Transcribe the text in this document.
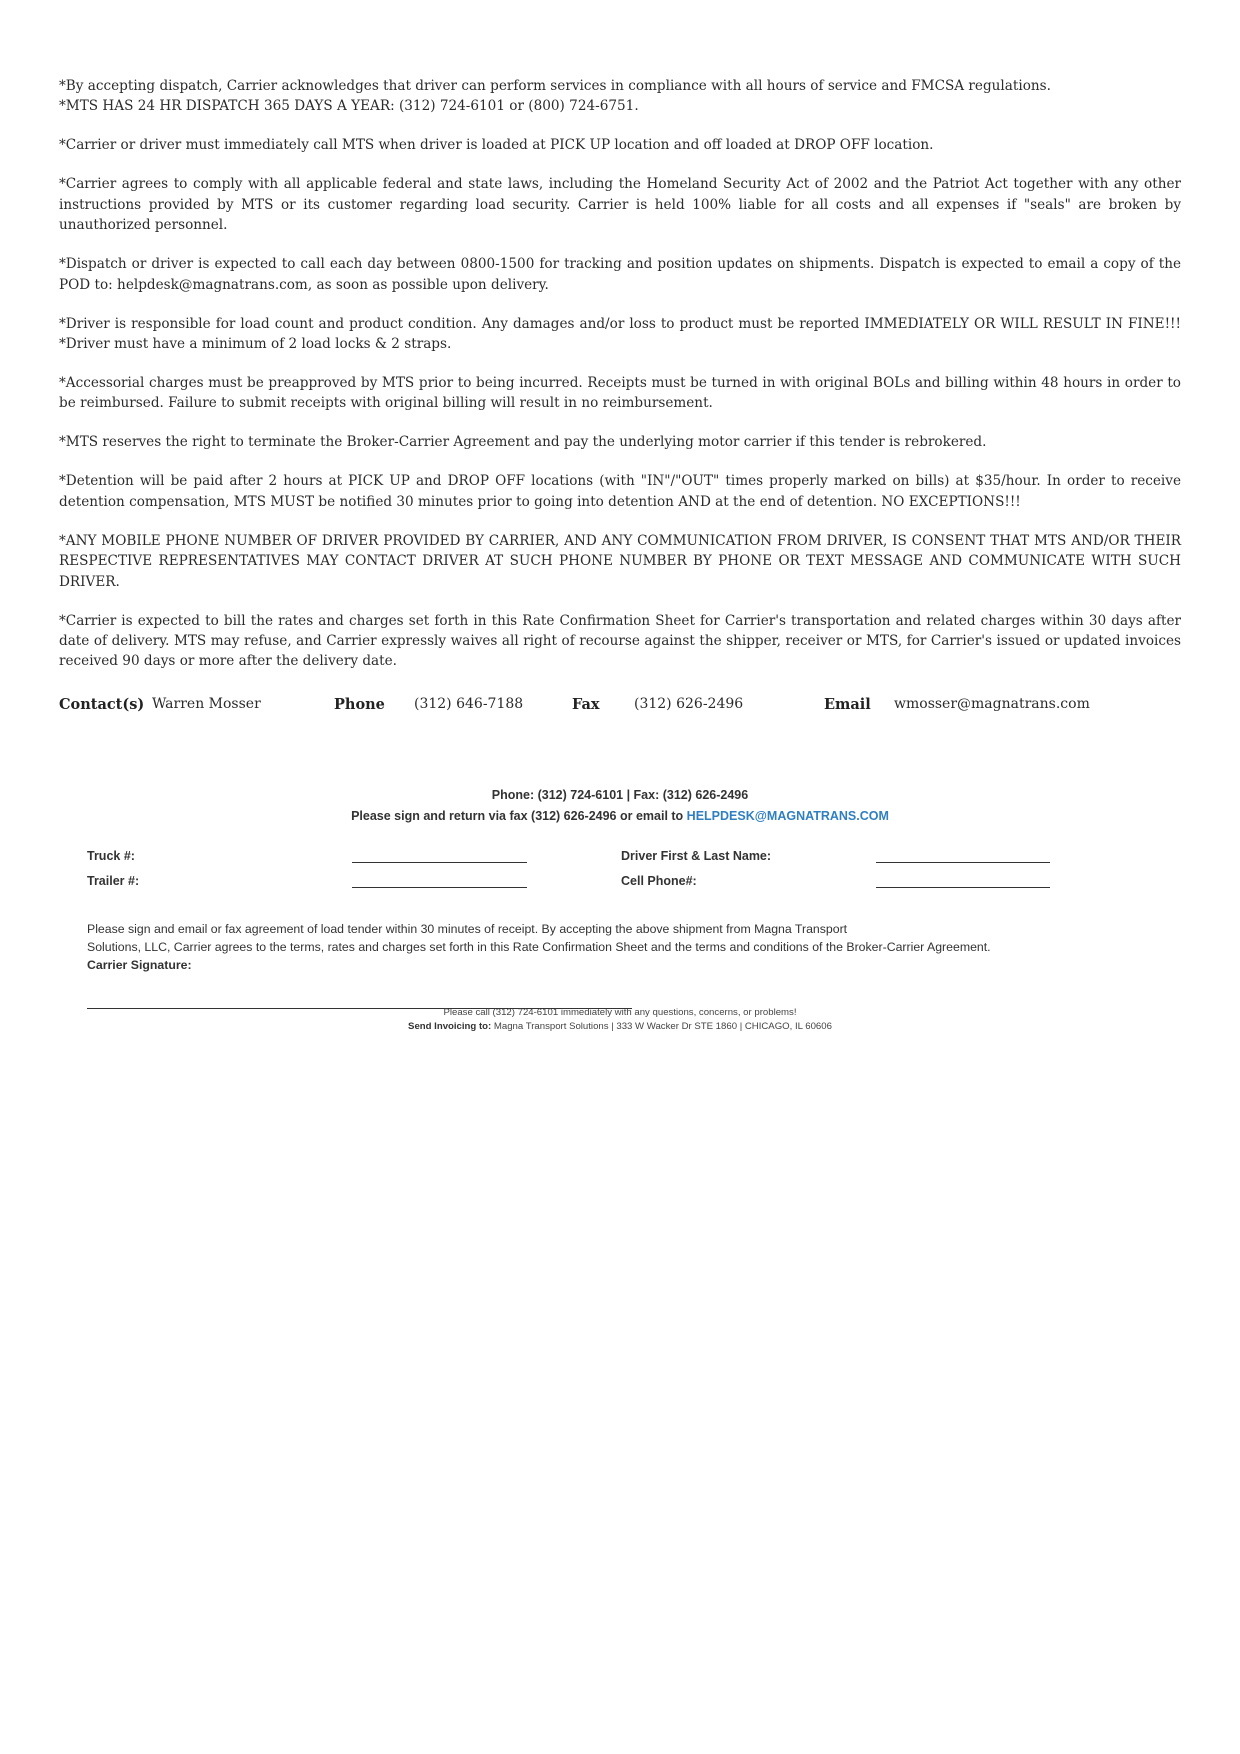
*By accepting dispatch, Carrier acknowledges that driver can perform services in compliance with all hours of service and FMCSA regulations.
*MTS HAS 24 HR DISPATCH 365 DAYS A YEAR: (312) 724-6101 or (800) 724-6751.

*Carrier or driver must immediately call MTS when driver is loaded at PICK UP location and off loaded at DROP OFF location.

*Carrier agrees to comply with all applicable federal and state laws, including the Homeland Security Act of 2002 and the Patriot Act together with any other instructions provided by MTS or its customer regarding load security. Carrier is held 100% liable for all costs and all expenses if "seals" are broken by unauthorized personnel.

*Dispatch or driver is expected to call each day between 0800-1500 for tracking and position updates on shipments. Dispatch is expected to email a copy of the POD to: helpdesk@magnatrans.com, as soon as possible upon delivery.

*Driver is responsible for load count and product condition. Any damages and/or loss to product must be reported IMMEDIATELY OR WILL RESULT IN FINE!!! *Driver must have a minimum of 2 load locks & 2 straps.

*Accessorial charges must be preapproved by MTS prior to being incurred. Receipts must be turned in with original BOLs and billing within 48 hours in order to be reimbursed. Failure to submit receipts with original billing will result in no reimbursement.

*MTS reserves the right to terminate the Broker-Carrier Agreement and pay the underlying motor carrier if this tender is rebrokered.

*Detention will be paid after 2 hours at PICK UP and DROP OFF locations (with "IN"/"OUT" times properly marked on bills) at $35/hour. In order to receive detention compensation, MTS MUST be notified 30 minutes prior to going into detention AND at the end of detention. NO EXCEPTIONS!!!

*ANY MOBILE PHONE NUMBER OF DRIVER PROVIDED BY CARRIER, AND ANY COMMUNICATION FROM DRIVER, IS CONSENT THAT MTS AND/OR THEIR RESPECTIVE REPRESENTATIVES MAY CONTACT DRIVER AT SUCH PHONE NUMBER BY PHONE OR TEXT MESSAGE AND COMMUNICATE WITH SUCH DRIVER.

*Carrier is expected to bill the rates and charges set forth in this Rate Confirmation Sheet for Carrier's transportation and related charges within 30 days after date of delivery. MTS may refuse, and Carrier expressly waives all right of recourse against the shipper, receiver or MTS, for Carrier's issued or updated invoices received 90 days or more after the delivery date.

Contact(s) Warren Mosser	Phone (312) 646-7188	Fax (312) 626-2496	Email wmosser@magnatrans.com
Phone: (312) 724-6101 | Fax: (312) 626-2496
Please sign and return via fax (312) 626-2496 or email to HELPDESK@MAGNATRANS.COM
Truck #:	Driver First & Last Name:
Trailer #:	Cell Phone#:
Please sign and email or fax agreement of load tender within 30 minutes of receipt. By accepting the above shipment from Magna Transport
Solutions, LLC, Carrier agrees to the terms, rates and charges set forth in this Rate Confirmation Sheet and the terms and conditions of the Broker-Carrier Agreement.
Carrier Signature:
Please call (312) 724-6101 immediately with any questions, concerns, or problems!
Send Invoicing to: Magna Transport Solutions | 333 W Wacker Dr STE 1860 | CHICAGO, IL 60606
